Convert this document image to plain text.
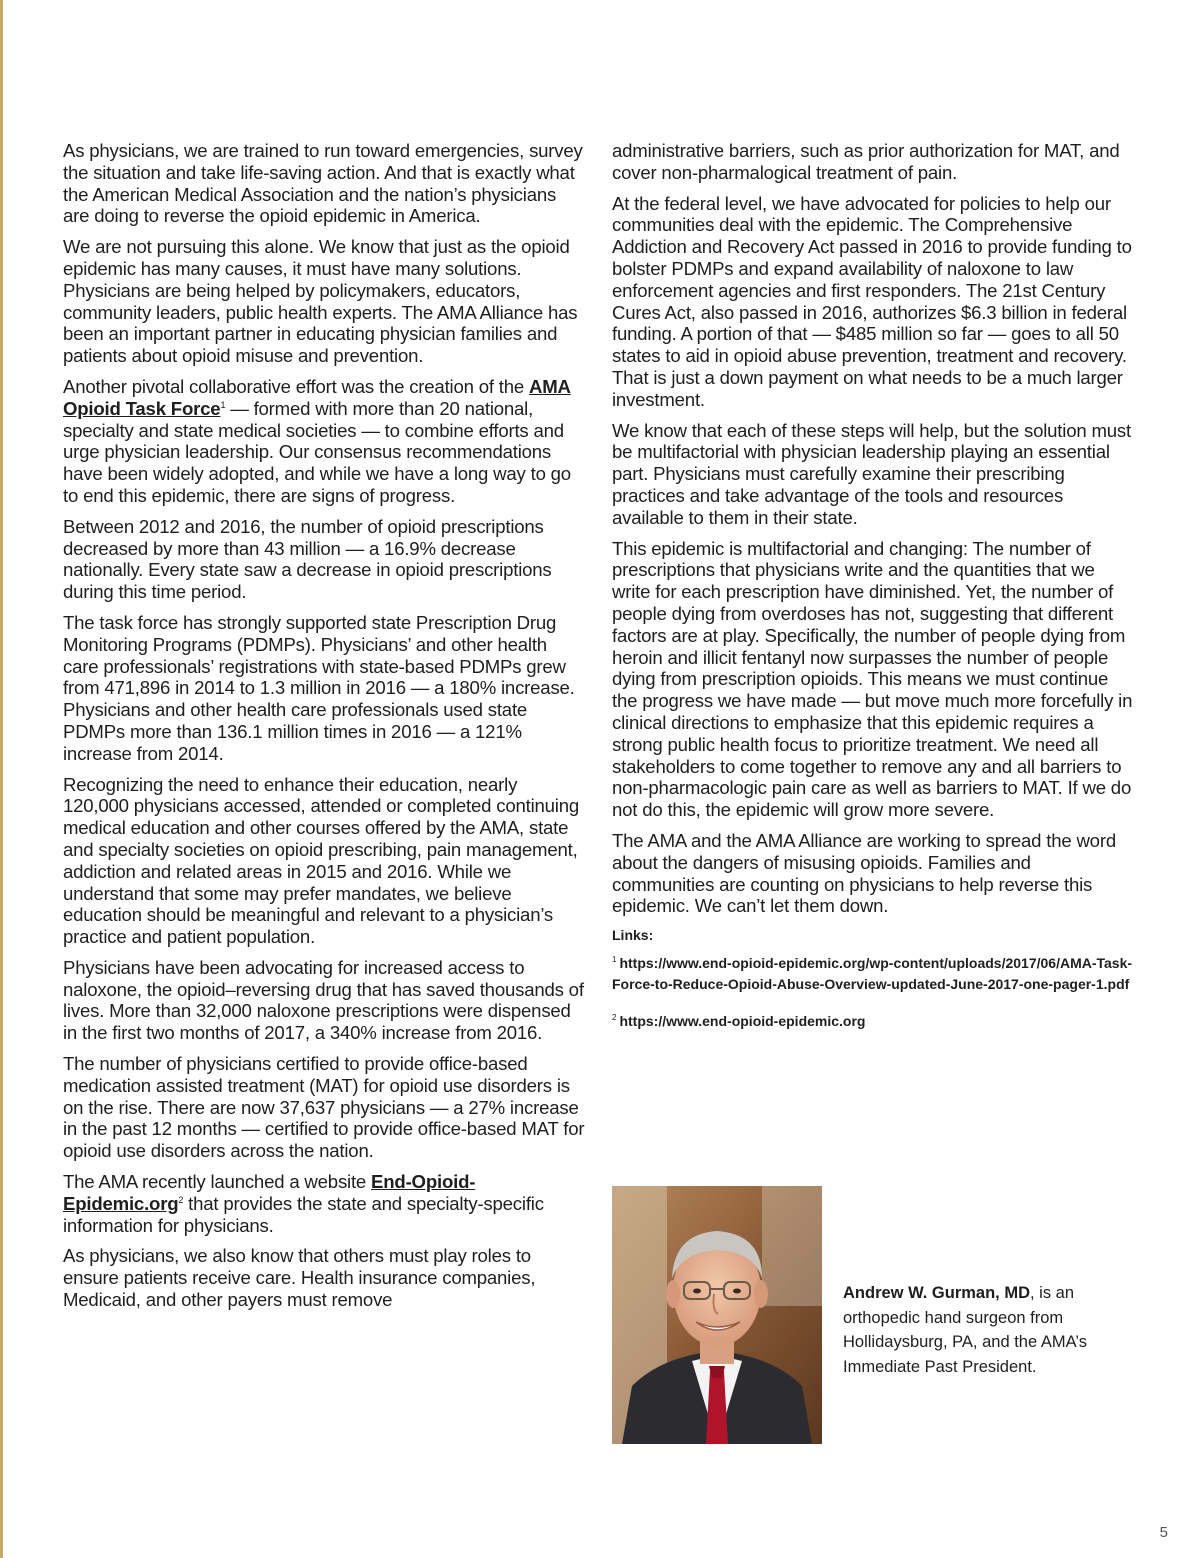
As physicians, we are trained to run toward emergencies, survey the situation and take life-saving action. And that is exactly what the American Medical Association and the nation’s physicians are doing to reverse the opioid epidemic in America.

We are not pursuing this alone. We know that just as the opioid epidemic has many causes, it must have many solutions. Physicians are being helped by policymakers, educators, community leaders, public health experts. The AMA Alliance has been an important partner in educating physician families and patients about opioid misuse and prevention.

Another pivotal collaborative effort was the creation of the AMA Opioid Task Force$^1$ — formed with more than 20 national, specialty and state medical societies — to combine efforts and urge physician leadership. Our consensus recommendations have been widely adopted, and while we have a long way to go to end this epidemic, there are signs of progress.

Between 2012 and 2016, the number of opioid prescriptions decreased by more than 43 million — a 16.9% decrease nationally. Every state saw a decrease in opioid prescriptions during this time period.

The task force has strongly supported state Prescription Drug Monitoring Programs (PDMPs). Physicians’ and other health care professionals’ registrations with state-based PDMPs grew from 471,896 in 2014 to 1.3 million in 2016 — a 180% increase. Physicians and other health care professionals used state PDMPs more than 136.1 million times in 2016 — a 121% increase from 2014.

Recognizing the need to enhance their education, nearly 120,000 physicians accessed, attended or completed continuing medical education and other courses offered by the AMA, state and specialty societies on opioid prescribing, pain management, addiction and related areas in 2015 and 2016. While we understand that some may prefer mandates, we believe education should be meaningful and relevant to a physician’s practice and patient population.

Physicians have been advocating for increased access to naloxone, the opioid–reversing drug that has saved thousands of lives. More than 32,000 naloxone prescriptions were dispensed in the first two months of 2017, a 340% increase from 2016.

The number of physicians certified to provide office-based medication assisted treatment (MAT) for opioid use disorders is on the rise. There are now 37,637 physicians — a 27% increase in the past 12 months — certified to provide office-based MAT for opioid use disorders across the nation.

The AMA recently launched a website End-Opioid-Epidemic.org$^2$ that provides the state and specialty-specific information for physicians.

As physicians, we also know that others must play roles to ensure patients receive care. Health insurance companies, Medicaid, and other payers must remove

administrative barriers, such as prior authorization for MAT, and cover non-pharmalogical treatment of pain.

At the federal level, we have advocated for policies to help our communities deal with the epidemic. The Comprehensive Addiction and Recovery Act passed in 2016 to provide funding to bolster PDMPs and expand availability of naloxone to law enforcement agencies and first responders. The 21st Century Cures Act, also passed in 2016, authorizes $6.3 billion in federal funding. A portion of that — $485 million so far — goes to all 50 states to aid in opioid abuse prevention, treatment and recovery. That is just a down payment on what needs to be a much larger investment.

We know that each of these steps will help, but the solution must be multifactorial with physician leadership playing an essential part. Physicians must carefully examine their prescribing practices and take advantage of the tools and resources available to them in their state.

This epidemic is multifactorial and changing: The number of prescriptions that physicians write and the quantities that we write for each prescription have diminished. Yet, the number of people dying from overdoses has not, suggesting that different factors are at play. Specifically, the number of people dying from heroin and illicit fentanyl now surpasses the number of people dying from prescription opioids. This means we must continue the progress we have made — but move much more forcefully in clinical directions to emphasize that this epidemic requires a strong public health focus to prioritize treatment. We need all stakeholders to come together to remove any and all barriers to non-pharmacologic pain care as well as barriers to MAT. If we do not do this, the epidemic will grow more severe.

The AMA and the AMA Alliance are working to spread the word about the dangers of misusing opioids. Families and communities are counting on physicians to help reverse this epidemic. We can’t let them down.

Links:
$^1$ https://www.end-opioid-epidemic.org/wp-content/uploads/2017/06/AMA-Task-Force-to-Reduce-Opioid-Abuse-Overview-updated-June-2017-one-pager-1.pdf
$^2$ https://www.end-opioid-epidemic.org
Andrew W. Gurman, MD, is an orthopedic hand surgeon from Hollidaysburg, PA, and the AMA’s Immediate Past President.
5
